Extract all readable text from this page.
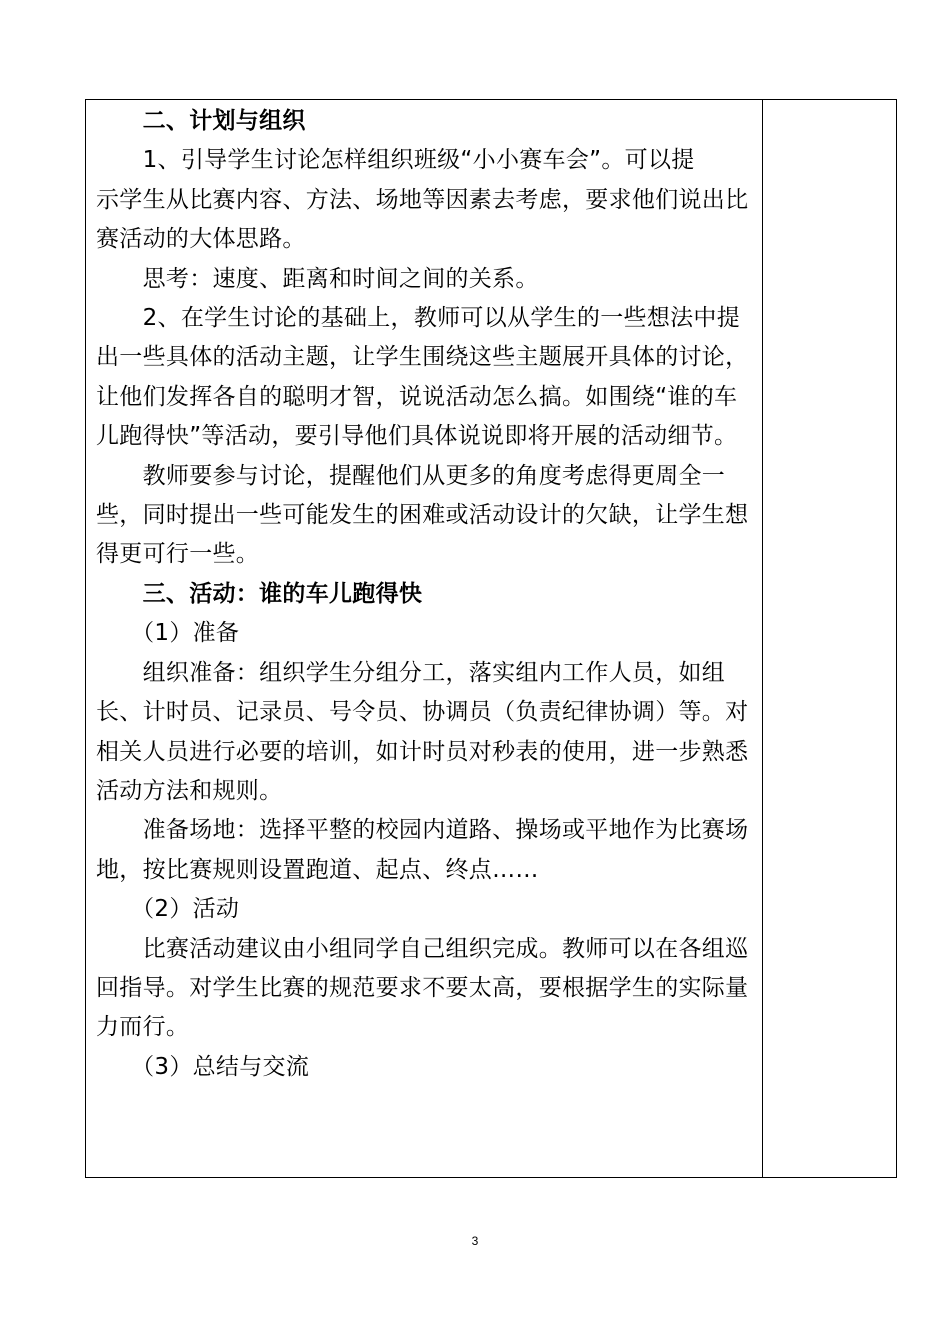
　　二、计划与组织

　　1、引导学生讨论怎样组织班级“小小赛车会”。可以提

示学生从比赛内容、方法、场地等因素去考虑，要求他们说出比赛活动的大体思路。

　　思考：速度、距离和时间之间的关系。

　　2、在学生讨论的基础上，教师可以从学生的一些想法中提出一些具体的活动主题，让学生围绕这些主题展开具体的讨论，让他们发挥各自的聪明才智，说说活动怎么搞。如围绕“谁的车儿跑得快”等活动，要引导他们具体说说即将开展的活动细节。

　　教师要参与讨论，提醒他们从更多的角度考虑得更周全一些，同时提出一些可能发生的困难或活动设计的欠缺，让学生想得更可行一些。

　　三、活动：谁的车儿跑得快

　　（1）准备

　　组织准备：组织学生分组分工，落实组内工作人员，如组长、计时员、记录员、号令员、协调员（负责纪律协调）等。对相关人员进行必要的培训，如计时员对秒表的使用，进一步熟悉活动方法和规则。

　　准备场地：选择平整的校园内道路、操场或平地作为比赛场地，按比赛规则设置跑道、起点、终点……

　　（2）活动

　　比赛活动建议由小组同学自己组织完成。教师可以在各组巡回指导。对学生比赛的规范要求不要太高，要根据学生的实际量力而行。

　　（3）总结与交流

3
